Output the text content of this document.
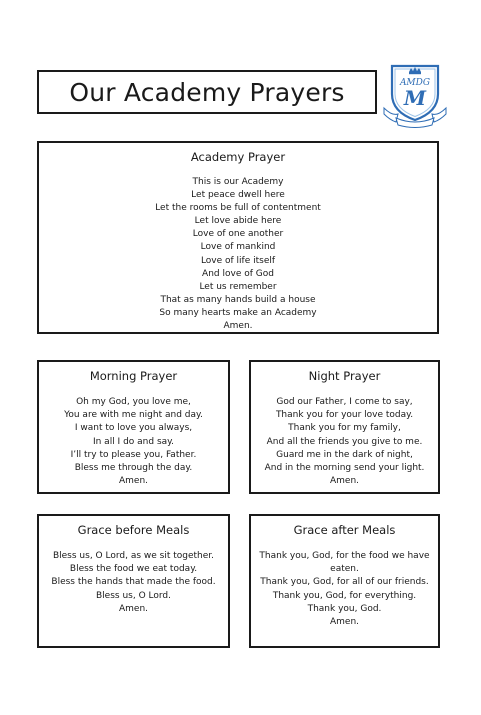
Our Academy Prayers	AMDG
M
Academy Prayer
This is our Academy
Let peace dwell here
Let the rooms be full of contentment
Let love abide here
Love of one another
Love of mankind
Love of life itself
And love of God
Let us remember
That as many hands build a house
So many hearts make an Academy
Amen.
Morning Prayer
Oh my God, you love me,
You are with me night and day.
I want to love you always,
In all I do and say.
I’ll try to please you, Father.
Bless me through the day.
Amen.
Night Prayer
God our Father, I come to say,
Thank you for your love today.
Thank you for my family,
And all the friends you give to me.
Guard me in the dark of night,
And in the morning send your light.
Amen.
Grace before Meals
Bless us, O Lord, as we sit together.
Bless the food we eat today.
Bless the hands that made the food.
Bless us, O Lord.
Amen.
Grace after Meals
Thank you, God, for the food we have eaten.
Thank you, God, for all of our friends.
Thank you, God, for everything.
Thank you, God.
Amen.
